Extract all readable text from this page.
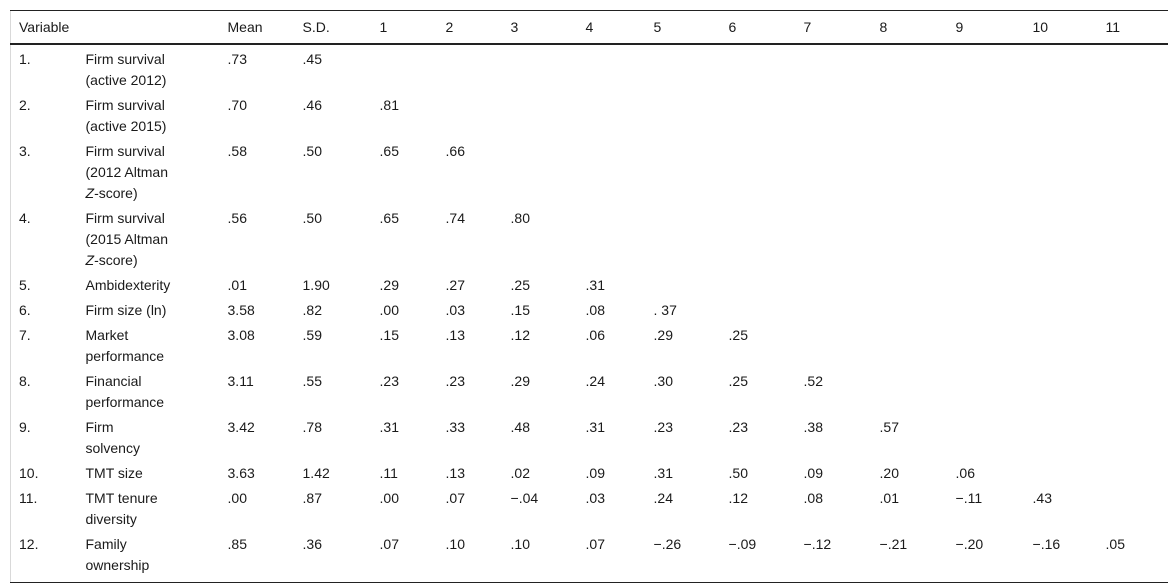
Variable		Mean	S.D.	1	2	3	4	5	6	7	8	9	10	11
1.	Firm survival
(active 2012)	.73	.45											
2.	Firm survival
(active 2015)	.70	.46	.81										
3.	Firm survival
(2012 Altman
Z-score)	.58	.50	.65	.66									
4.	Firm survival
(2015 Altman
Z-score)	.56	.50	.65	.74	.80								
5.	Ambidexterity	.01	1.90	.29	.27	.25	.31							
6.	Firm size (ln)	3.58	.82	.00	.03	.15	.08	. 37						
7.	Market
performance	3.08	.59	.15	.13	.12	.06	.29	.25					
8.	Financial
performance	3.11	.55	.23	.23	.29	.24	.30	.25	.52				
9.	Firm
solvency	3.42	.78	.31	.33	.48	.31	.23	.23	.38	.57			
10.	TMT size	3.63	1.42	.11	.13	.02	.09	.31	.50	.09	.20	.06		
11.	TMT tenure
diversity	.00	.87	.00	.07	−.04	.03	.24	.12	.08	.01	−.11	.43	
12.	Family
ownership	.85	.36	.07	.10	.10	.07	−.26	−.09	−.12	−.21	−.20	−.16	.05
